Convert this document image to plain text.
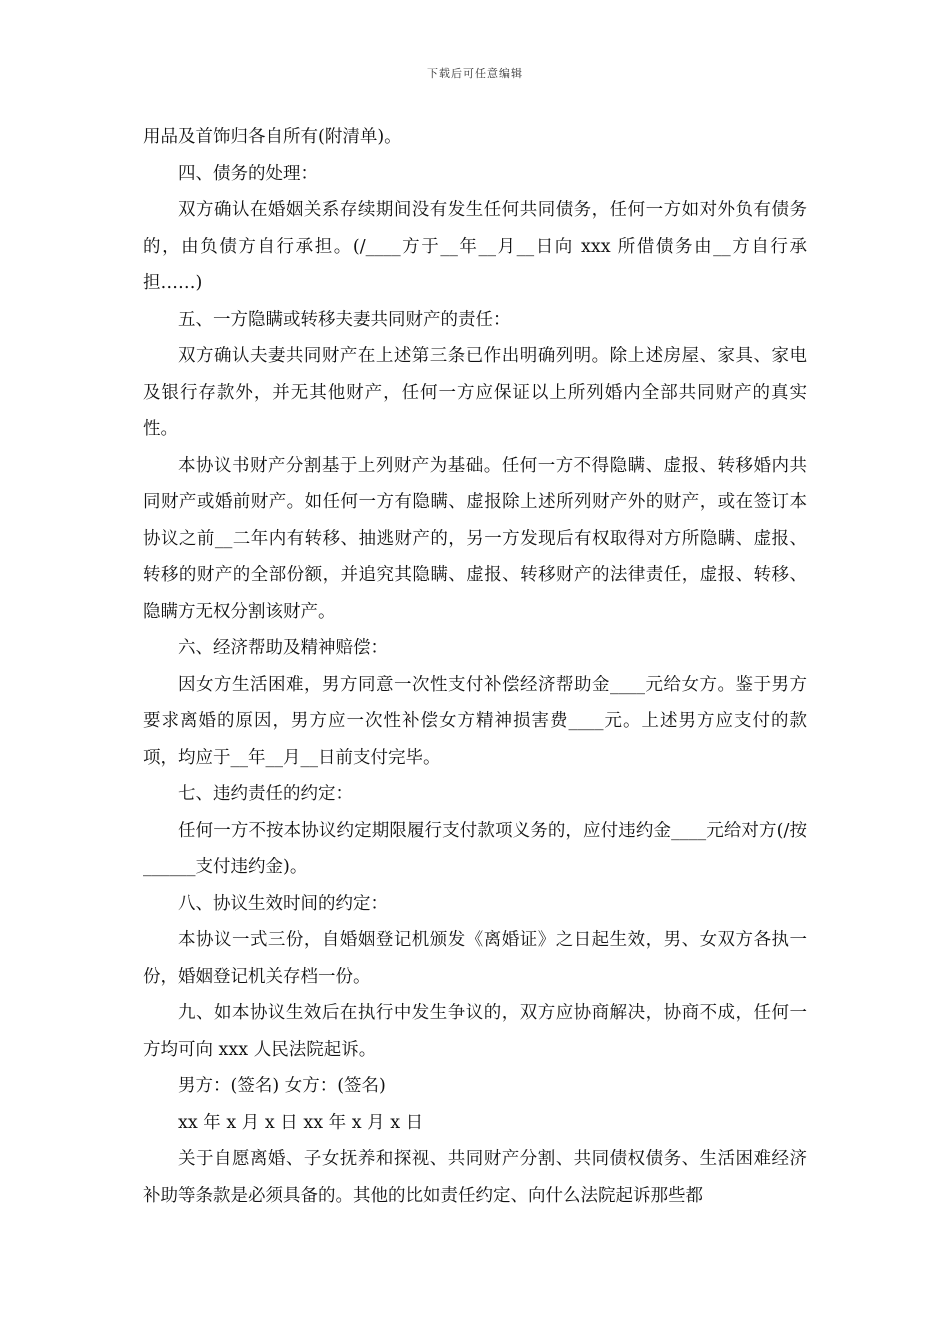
下载后可任意编辑

用品及首饰归各自所有(附清单)。

四、债务的处理：

双方确认在婚姻关系存续期间没有发生任何共同债务，任何一方如对外负有债务的，由负债方自行承担。(/____方于__年__月__日向 xxx 所借债务由__方自行承担……)

五、一方隐瞒或转移夫妻共同财产的责任：

双方确认夫妻共同财产在上述第三条已作出明确列明。除上述房屋、家具、家电及银行存款外，并无其他财产，任何一方应保证以上所列婚内全部共同财产的真实性。

本协议书财产分割基于上列财产为基础。任何一方不得隐瞒、虚报、转移婚内共同财产或婚前财产。如任何一方有隐瞒、虚报除上述所列财产外的财产，或在签订本协议之前__二年内有转移、抽逃财产的，另一方发现后有权取得对方所隐瞒、虚报、转移的财产的全部份额，并追究其隐瞒、虚报、转移财产的法律责任，虚报、转移、隐瞒方无权分割该财产。

六、经济帮助及精神赔偿：

因女方生活困难，男方同意一次性支付补偿经济帮助金____元给女方。鉴于男方要求离婚的原因，男方应一次性补偿女方精神损害费____元。上述男方应支付的款项，均应于__年__月__日前支付完毕。

七、违约责任的约定：

任何一方不按本协议约定期限履行支付款项义务的，应付违约金____元给对方(/按______支付违约金)。

八、协议生效时间的约定：

本协议一式三份，自婚姻登记机颁发《离婚证》之日起生效，男、女双方各执一份，婚姻登记机关存档一份。

九、如本协议生效后在执行中发生争议的，双方应协商解决，协商不成，任何一方均可向 xxx 人民法院起诉。

男方：(签名) 女方：(签名)

xx 年 x 月 x 日 xx 年 x 月 x 日

关于自愿离婚、子女抚养和探视、共同财产分割、共同债权债务、生活困难经济补助等条款是必须具备的。其他的比如责任约定、向什么法院起诉那些都
